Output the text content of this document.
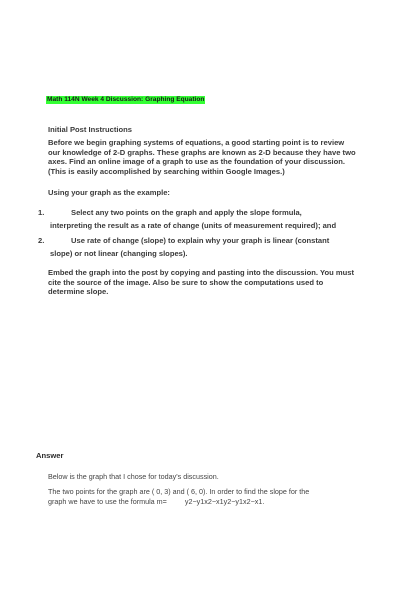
Math 114N Week 4 Discussion: Graphing Equation
Initial Post Instructions
Before we begin graphing systems of equations, a good starting point is to review our knowledge of 2-D graphs. These graphs are known as 2-D because they have two axes. Find an online image of a graph to use as the foundation of your discussion. (This is easily accomplished by searching within Google Images.)
Using your graph as the example:
1.	Select any two points on the graph and apply the slope formula,
interpreting the result as a rate of change (units of measurement required); and
2.	Use rate of change (slope) to explain why your graph is linear (constant
slope) or not linear (changing slopes).
Embed the graph into the post by copying and pasting into the discussion. You must cite the source of the image. Also be sure to show the computations used to determine slope.
Answer
Below is the graph that I chose for today's discussion.
The two points for the graph are ( 0, 3) and ( 6, 0). In order to find the slope for the
graph we have to use the formula m=	y2−y1x2−x1y2−y1x2−x1.
